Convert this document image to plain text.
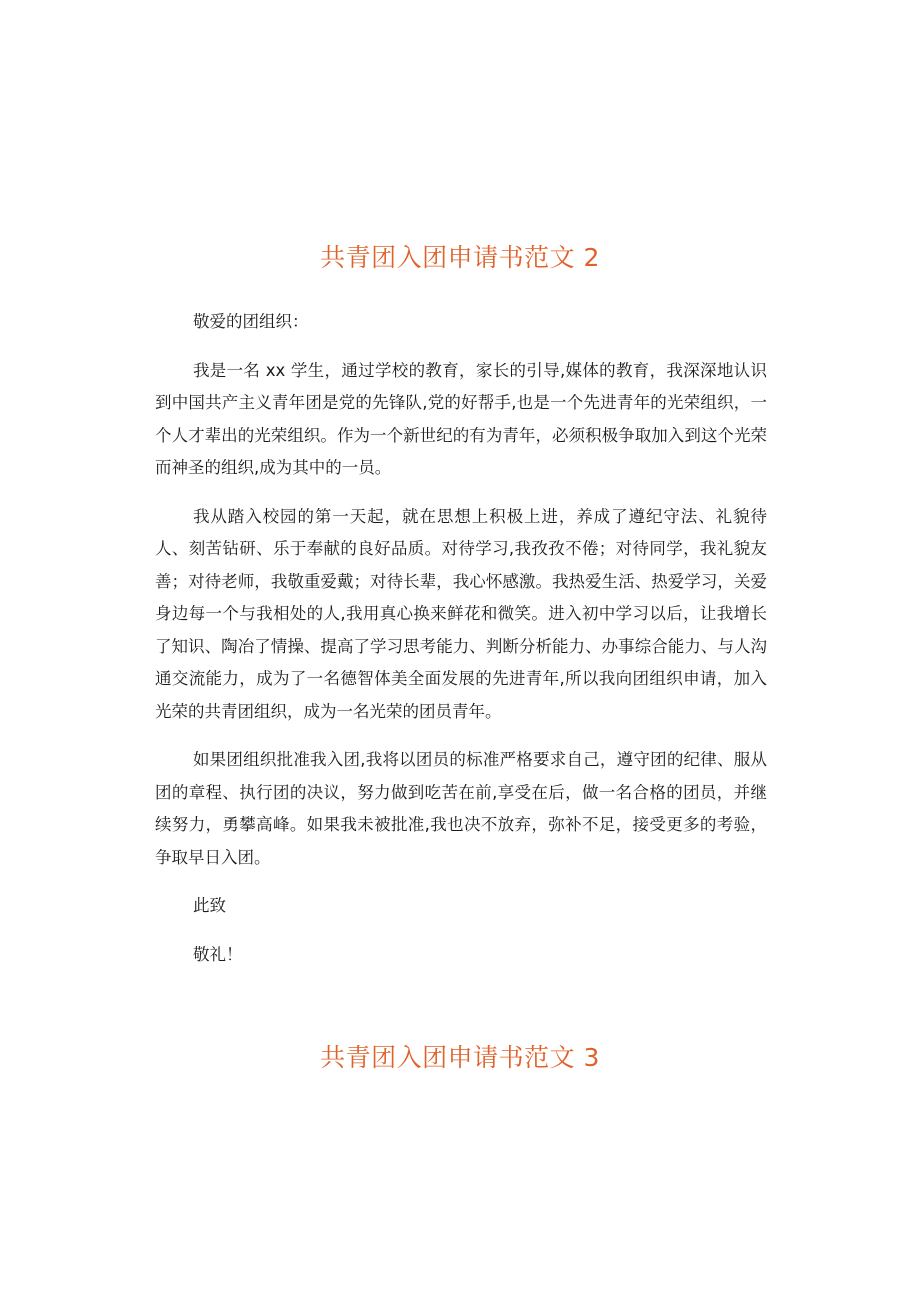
共青团入团申请书范文 2

敬爱的团组织：

我是一名 xx 学生，通过学校的教育，家长的引导,媒体的教育，我深深地认识到中国共产主义青年团是党的先锋队,党的好帮手,也是一个先进青年的光荣组织，一个人才辈出的光荣组织。作为一个新世纪的有为青年，必须积极争取加入到这个光荣而神圣的组织,成为其中的一员。

我从踏入校园的第一天起，就在思想上积极上进，养成了遵纪守法、礼貌待人、刻苦钻研、乐于奉献的良好品质。对待学习,我孜孜不倦；对待同学，我礼貌友善；对待老师，我敬重爱戴；对待长辈，我心怀感激。我热爱生活、热爱学习，关爱身边每一个与我相处的人,我用真心换来鲜花和微笑。进入初中学习以后，让我增长了知识、陶冶了情操、提高了学习思考能力、判断分析能力、办事综合能力、与人沟通交流能力，成为了一名德智体美全面发展的先进青年,所以我向团组织申请，加入光荣的共青团组织，成为一名光荣的团员青年。

如果团组织批准我入团,我将以团员的标准严格要求自己，遵守团的纪律、服从团的章程、执行团的决议，努力做到吃苦在前,享受在后，做一名合格的团员，并继续努力，勇攀高峰。如果我未被批准,我也决不放弃，弥补不足，接受更多的考验，争取早日入团。

此致

敬礼！

共青团入团申请书范文 3
